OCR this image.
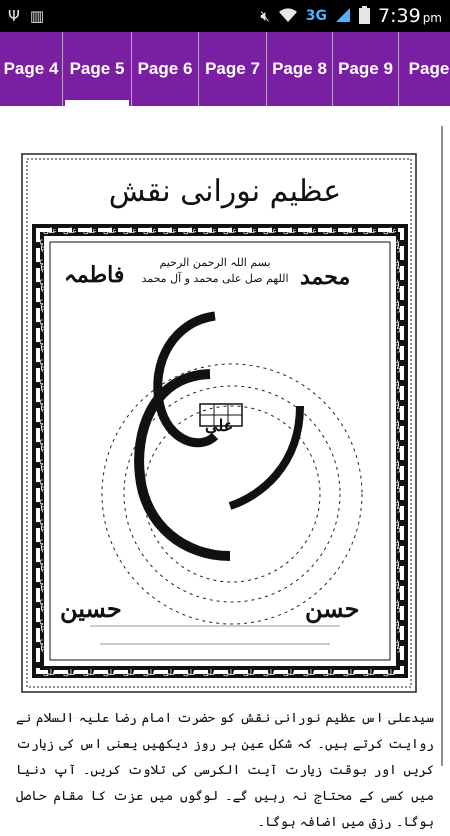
Ψ ▥	🔇︎	3G	7:39 pm
Page 4 Page 5 Page 6 Page 7 Page 8 Page 9 Page
علی
علی
علی
علی
علی
علی
علی
علی
علی
علی
علی
علی
علی
علی
علی
علی
علی
علی
علی
علی
علی
علی
علی
علی
علی
علی
علی
علی
علی
علی
علی
علی
علی
علی
علی
علی
علی	علی
علی	علی
علی	علی
علی	علی
علی	علی
علی	علی
علی	علی
علی	علی
علی	علی
علی	علی
علی	علی
علی	علی
علی	علی
علی	علی
علی	علی
علی	علی
علی	علی
علی	علی
علی	علی
علی	علی
علی	علی
عظیم نورانی نقش
بسم اللہ الرحمن الرحیم
اللھم صل علی محمد و آل محمد محمد
فاطمہ
حسن
حسین
علی
سیدعلی اس عظیم نورانی نقش کو حضرت امام رضا علیہ السلام نے روایت کرتے ہیں۔ کہ شکل عین ہر روز دیکھیں یعنی اس کی زیارت کریں اور بوقت زیارت آیت الکرسی کی تلاوت کریں۔ آپ دنیا میں کسی کے محتاج نہ رہیں گے۔ لوگوں میں عزت کا مقام حاصل ہوگا۔ رزق میں اضافہ ہوگا۔
